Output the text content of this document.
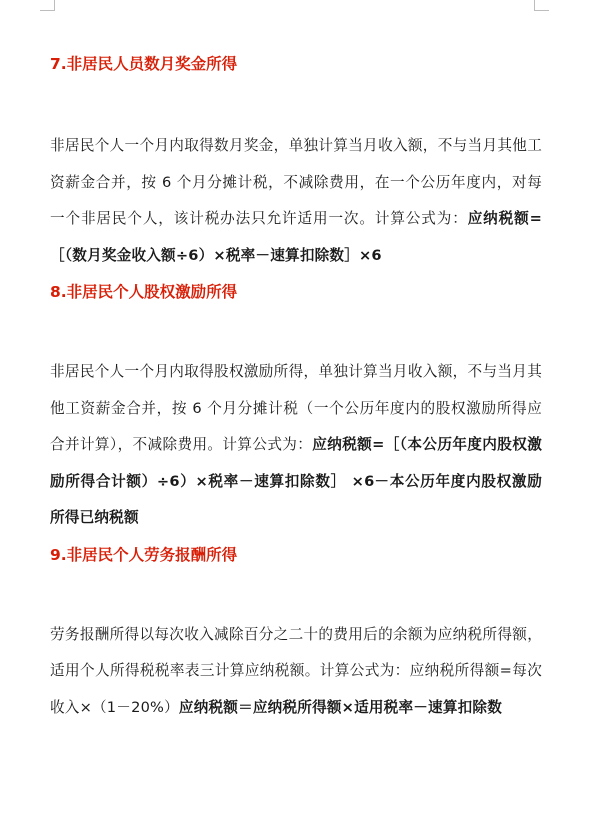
7.非居民人员数月奖金所得

非居民个人一个月内取得数月奖金，单独计算当月收入额，不与当月其他工资薪金合并，按 6 个月分摊计税，不减除费用，在一个公历年度内，对每一个非居民个人，该计税办法只允许适用一次。计算公式为：应纳税额=［（数月奖金收入额÷6）×税率－速算扣除数］×6

8.非居民个人股权激励所得

非居民个人一个月内取得股权激励所得，单独计算当月收入额，不与当月其他工资薪金合并，按 6 个月分摊计税（一个公历年度内的股权激励所得应合并计算），不减除费用。计算公式为：应纳税额=［（本公历年度内股权激励所得合计额）÷6）×税率－速算扣除数］ ×6－本公历年度内股权激励所得已纳税额

9.非居民个人劳务报酬所得

劳务报酬所得以每次收入减除百分之二十的费用后的余额为应纳税所得额，适用个人所得税税率表三计算应纳税额。计算公式为：应纳税所得额=每次收入×（1－20%）应纳税额＝应纳税所得额×适用税率－速算扣除数
